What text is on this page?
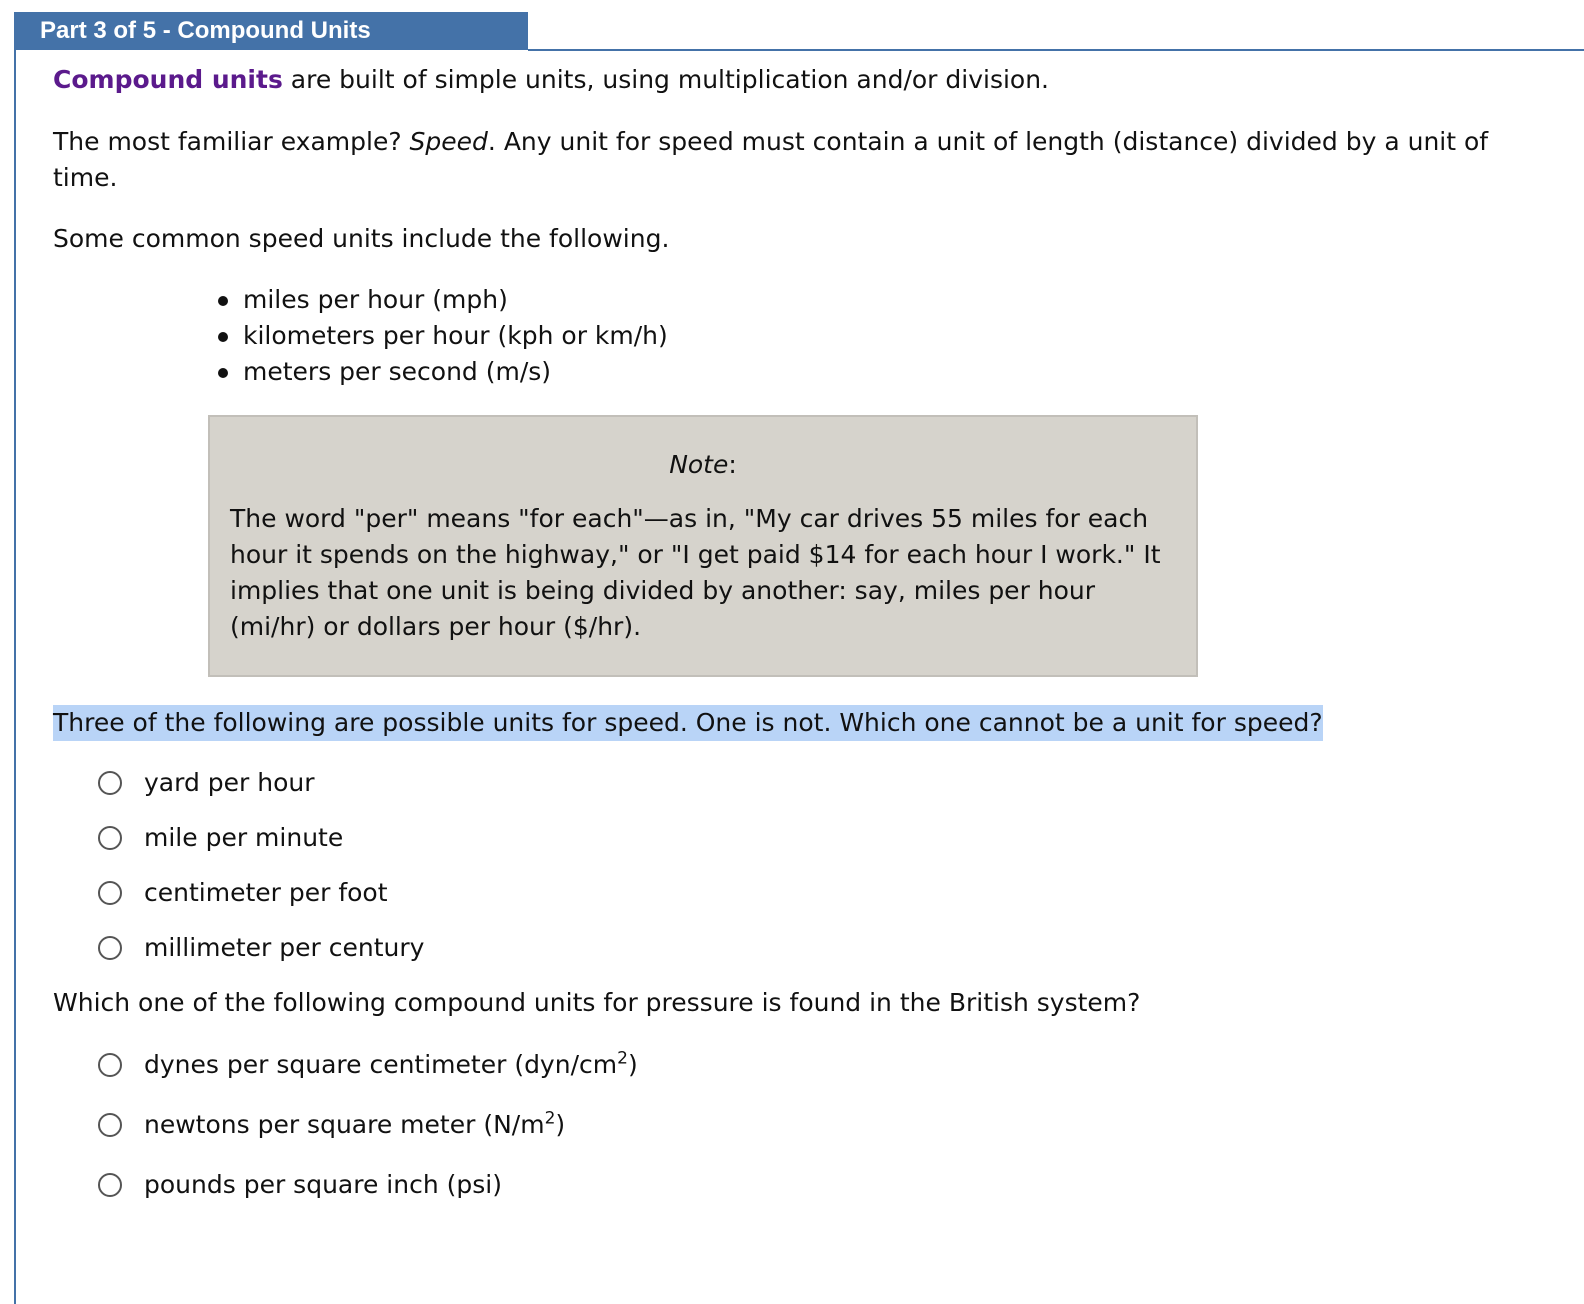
Part 3 of 5 - Compound Units

Compound units are built of simple units, using multiplication and/or division.

The most familiar example? Speed. Any unit for speed must contain a unit of length (distance) divided by a unit of time.

Some common speed units include the following.

miles per hour (mph)
kilometers per hour (kph or km/h)
meters per second (m/s)
Note:

The word "per" means "for each"—as in, "My car drives 55 miles for each hour it spends on the highway," or "I get paid $14 for each hour I work." It implies that one unit is being divided by another: say, miles per hour (mi/hr) or dollars per hour ($/hr).

Three of the following are possible units for speed. One is not. Which one cannot be a unit for speed?
yard per hour
mile per minute
centimeter per foot
millimeter per century

Which one of the following compound units for pressure is found in the British system?

dynes per square centimeter $(dyn/cm^2)$
newtons per square meter $(N/m^2)$
pounds per square inch (psi)
